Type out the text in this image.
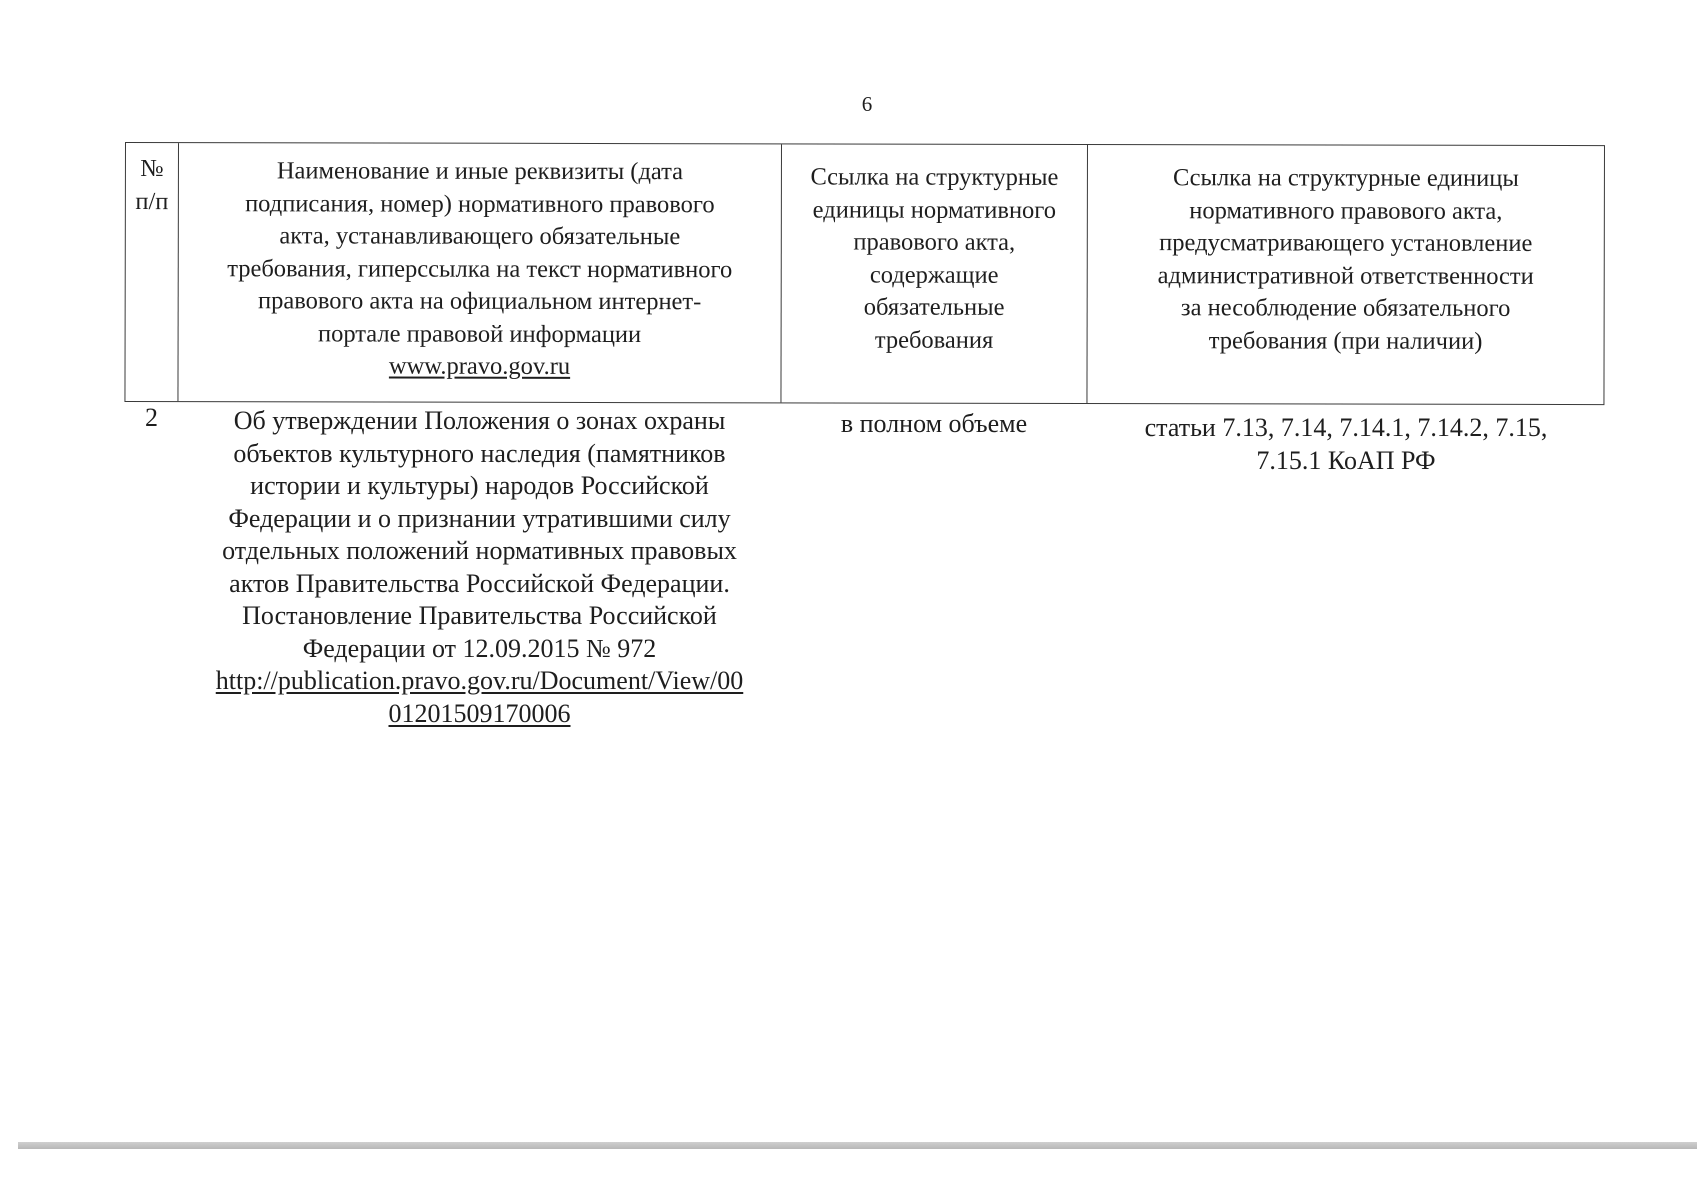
6
№
п/п
Наименование и иные реквизиты (дата
подписания, номер) нормативного правового
акта, устанавливающего обязательные
требования, гиперссылка на текст нормативного
правового акта на официальном интернет-
портале правовой информации
www.pravo.gov.ru
Ссылка на структурные
единицы нормативного
правового акта,
содержащие
обязательные
требования
Ссылка на структурные единицы
нормативного правового акта,
предусматривающего установление
административной ответственности
за несоблюдение обязательного
требования (при наличии)
2	Об утверждении Положения о зонах охраны
объектов культурного наследия (памятников
истории и культуры) народов Российской
Федерации и о признании утратившими силу
отдельных положений нормативных правовых
актов Правительства Российской Федерации.
Постановление Правительства Российской
Федерации от 12.09.2015 № 972
http://publication.pravo.gov.ru/Document/View/00
01201509170006
в полном объеме	статьи 7.13, 7.14, 7.14.1, 7.14.2, 7.15,
7.15.1 КоАП РФ
